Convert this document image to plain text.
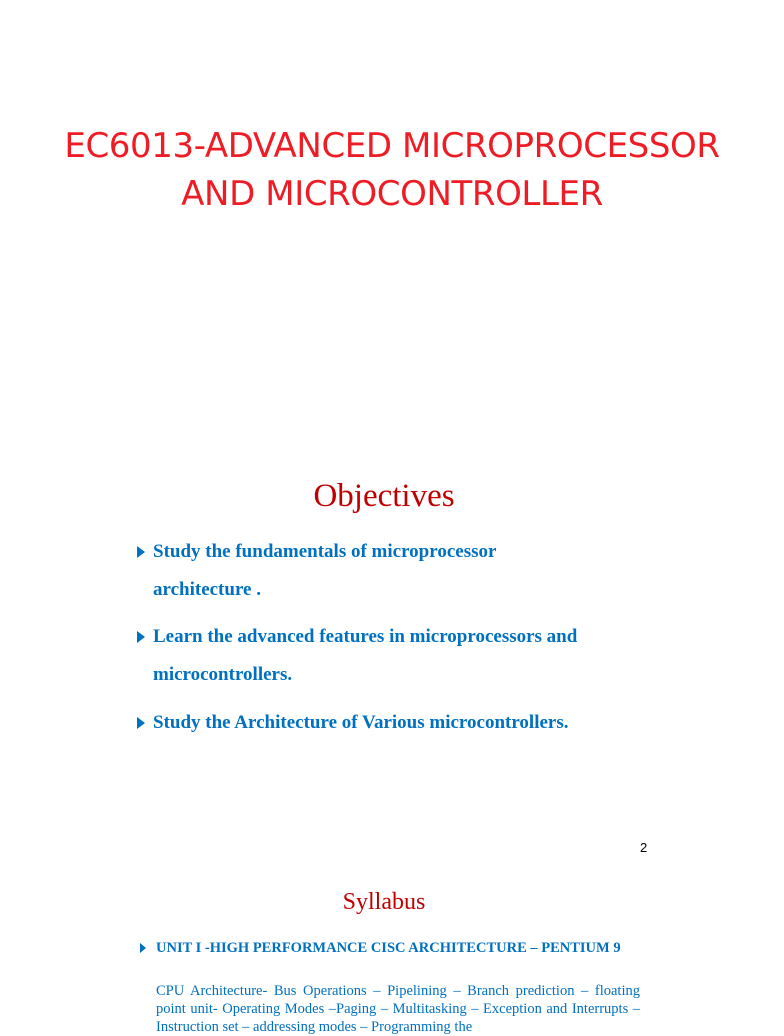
EC6013-ADVANCED MICROPROCESSOR
AND MICROCONTROLLER
Objectives
Study the fundamentals of microprocessor
architecture .
Learn the advanced features in microprocessors and
microcontrollers.
Study the Architecture of Various microcontrollers.
2
Syllabus
UNIT I -HIGH PERFORMANCE CISC ARCHITECTURE – PENTIUM 9
CPU Architecture- Bus Operations – Pipelining – Branch prediction – floating point unit- Operating Modes –Paging – Multitasking – Exception and Interrupts – Instruction set – addressing modes – Programming the
